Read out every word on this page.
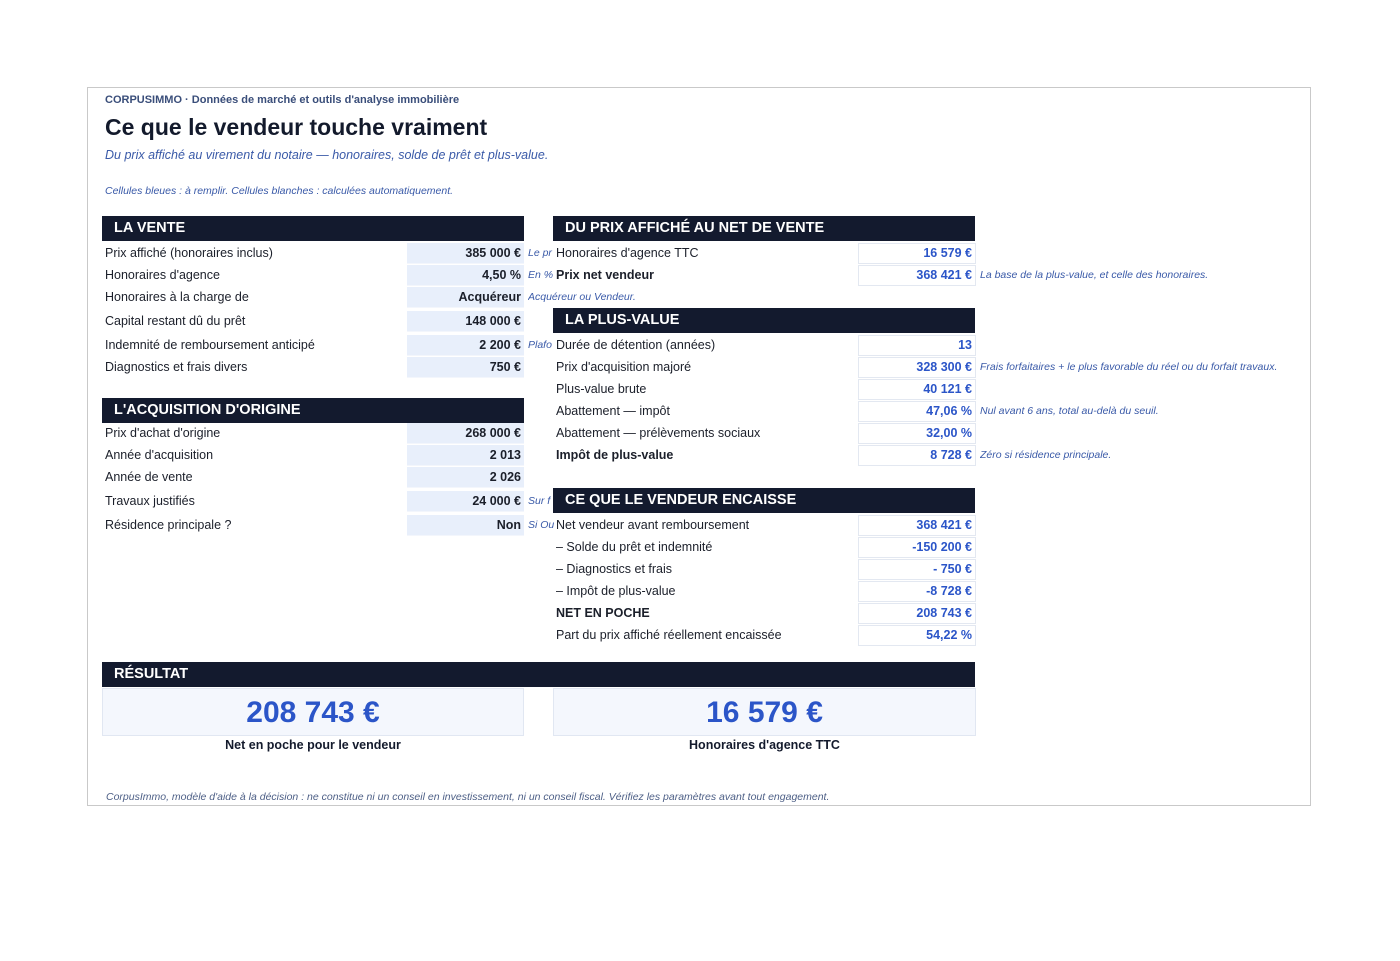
CORPUSIMMO · Données de marché et outils d'analyse immobilière
Ce que le vendeur touche vraiment
Du prix affiché au virement du notaire — honoraires, solde de prêt et plus-value.
Cellules bleues : à remplir. Cellules blanches : calculées automatiquement.
LA VENTE
Prix affiché (honoraires inclus)	385 000 € Le pr
Honoraires d'agence	4,50 % En %
Honoraires à la charge de	Acquéreur Acquéreur ou Vendeur.
Capital restant dû du prêt	148 000 €
Indemnité de remboursement anticipé	2 200 € Plafo
Diagnostics et frais divers	750 €
L'ACQUISITION D'ORIGINE
Prix d'achat d'origine	268 000 €
Année d'acquisition	2 013
Année de vente	2 026
Travaux justifiés	24 000 € Sur f
Résidence principale ?	Non Si Ou
DU PRIX AFFICHÉ AU NET DE VENTE
Honoraires d'agence TTC	16 579 €
Prix net vendeur	368 421 € La base de la plus-value, et celle des honoraires.
LA PLUS-VALUE
Durée de détention (années)	13
Prix d'acquisition majoré	328 300 € Frais forfaitaires + le plus favorable du réel ou du forfait travaux.
Plus-value brute	40 121 €
Abattement — impôt	47,06 % Nul avant 6 ans, total au-delà du seuil.
Abattement — prélèvements sociaux	32,00 %
Impôt de plus-value	8 728 € Zéro si résidence principale.
CE QUE LE VENDEUR ENCAISSE
Net vendeur avant remboursement	368 421 €
– Solde du prêt et indemnité	-150 200 €
– Diagnostics et frais	- 750 €
– Impôt de plus-value	-8 728 €
NET EN POCHE	208 743 €
Part du prix affiché réellement encaissée	54,22 %
RÉSULTAT
208 743 €
Net en poche pour le vendeur
16 579 €
Honoraires d'agence TTC
CorpusImmo, modèle d'aide à la décision : ne constitue ni un conseil en investissement, ni un conseil fiscal. Vérifiez les paramètres avant tout engagement.
